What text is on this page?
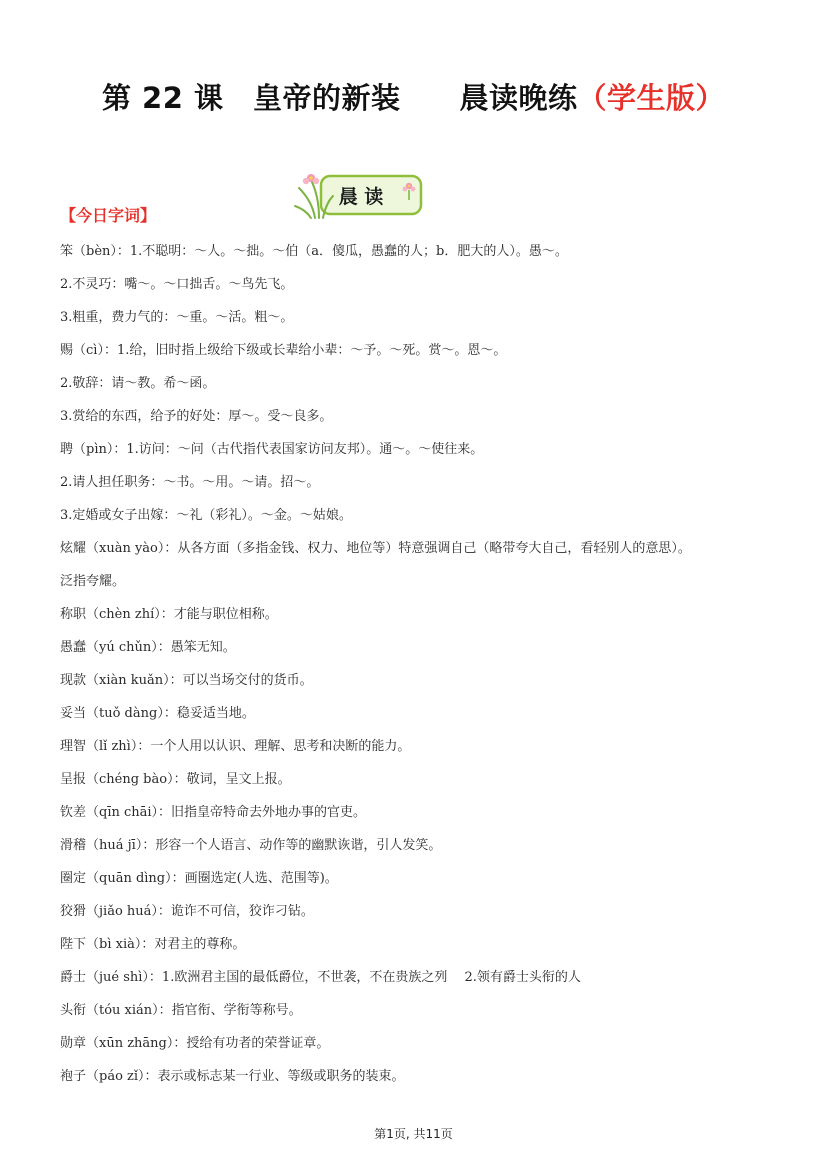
第 22 课　皇帝的新装　　晨读晚练（学生版）
晨 读
【今日字词】
笨（bèn）：1.不聪明：～人。～拙。～伯（a．傻瓜，愚蠢的人；b．肥大的人）。愚～。
2.不灵巧：嘴～。～口拙舌。～鸟先飞。
3.粗重，费力气的：～重。～活。粗～。
赐（cì）：1.给，旧时指上级给下级或长辈给小辈：～予。～死。赏～。恩～。
2.敬辞：请～教。希～函。
3.赏给的东西，给予的好处：厚～。受～良多。
聘（pìn）：1.访问：～问（古代指代表国家访问友邦）。通～。～使往来。
2.请人担任职务：～书。～用。～请。招～。
3.定婚或女子出嫁：～礼（彩礼）。～金。～姑娘。
炫耀（xuàn yào）：从各方面（多指金钱、权力、地位等）特意强调自己（略带夸大自己，看轻别人的意思）。
泛指夸耀。
称职（chèn zhí）：才能与职位相称。
愚蠢（yú chǔn）：愚笨无知。
现款（xiàn kuǎn）：可以当场交付的货币。
妥当（tuǒ dàng）：稳妥适当地。
理智（lǐ zhì）：一个人用以认识、理解、思考和决断的能力。
呈报（chéng bào）：敬词，呈文上报。
钦差（qīn chāi）：旧指皇帝特命去外地办事的官吏。
滑稽（huá jī）：形容一个人语言、动作等的幽默诙谐，引人发笑。
圈定（quān dìng）：画圈选定(人选、范围等)。
狡猾（jiǎo huá）：诡诈不可信，狡诈刁钻。
陛下（bì xià）：对君主的尊称。
爵士（jué shì）：1.欧洲君主国的最低爵位，不世袭，不在贵族之列　 2.领有爵士头衔的人
头衔（tóu xián）：指官衔、学衔等称号。
勋章（xūn zhāng）：授给有功者的荣誉证章。
袍子（páo zǐ）：表示或标志某一行业、等级或职务的装束。
第1页, 共11页
